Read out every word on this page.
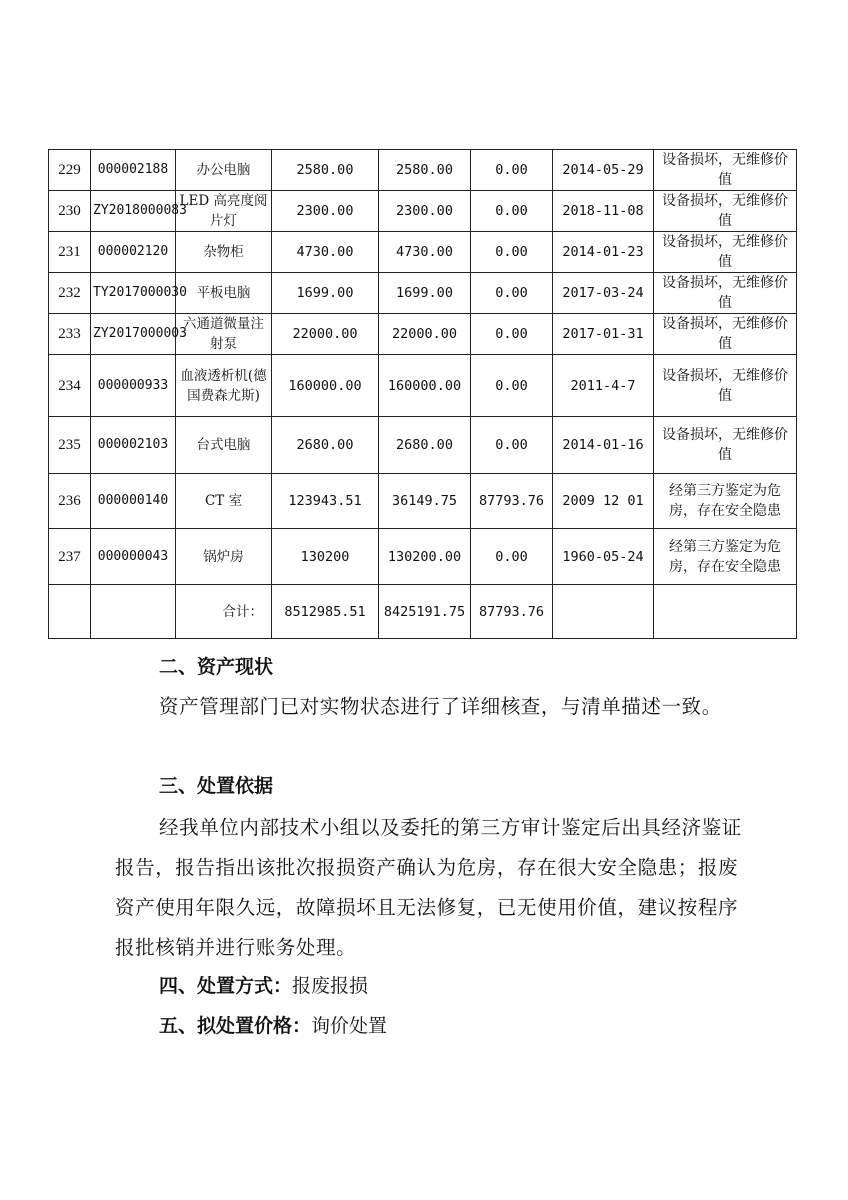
229	000002188	办公电脑	2580.00	2580.00	0.00	2014-05-29	设备损坏，无维修价值
230	ZY2018000083	LED 高亮度阅片灯	2300.00	2300.00	0.00	2018-11-08	设备损坏，无维修价值
231	000002120	杂物柜	4730.00	4730.00	0.00	2014-01-23	设备损坏，无维修价值
232	TY2017000030	平板电脑	1699.00	1699.00	0.00	2017-03-24	设备损坏，无维修价值
233	ZY2017000003	六通道微量注射泵	22000.00	22000.00	0.00	2017-01-31	设备损坏，无维修价值
234	000000933	血液透析机(德国费森尤斯)	160000.00	160000.00	0.00	2011-4-7	设备损坏，无维修价值
235	000002103	台式电脑	2680.00	2680.00	0.00	2014-01-16	设备损坏，无维修价值
236	000000140	CT 室	123943.51	36149.75	87793.76	2009 12 01	经第三方鉴定为危房，存在安全隐患
237	000000043	锅炉房	130200	130200.00	0.00	1960-05-24	经第三方鉴定为危房，存在安全隐患
		合计：	8512985.51	8425191.75	87793.76		

二、资产现状

资产管理部门已对实物状态进行了详细核查，与清单描述一致。

三、处置依据

经我单位内部技术小组以及委托的第三方审计鉴定后出具经济鉴证报告，报告指出该批次报损资产确认为危房，存在很大安全隐患；报废资产使用年限久远，故障损坏且无法修复，已无使用价值，建议按程序报批核销并进行账务处理。

四、处置方式：报废报损

五、拟处置价格：询价处置
